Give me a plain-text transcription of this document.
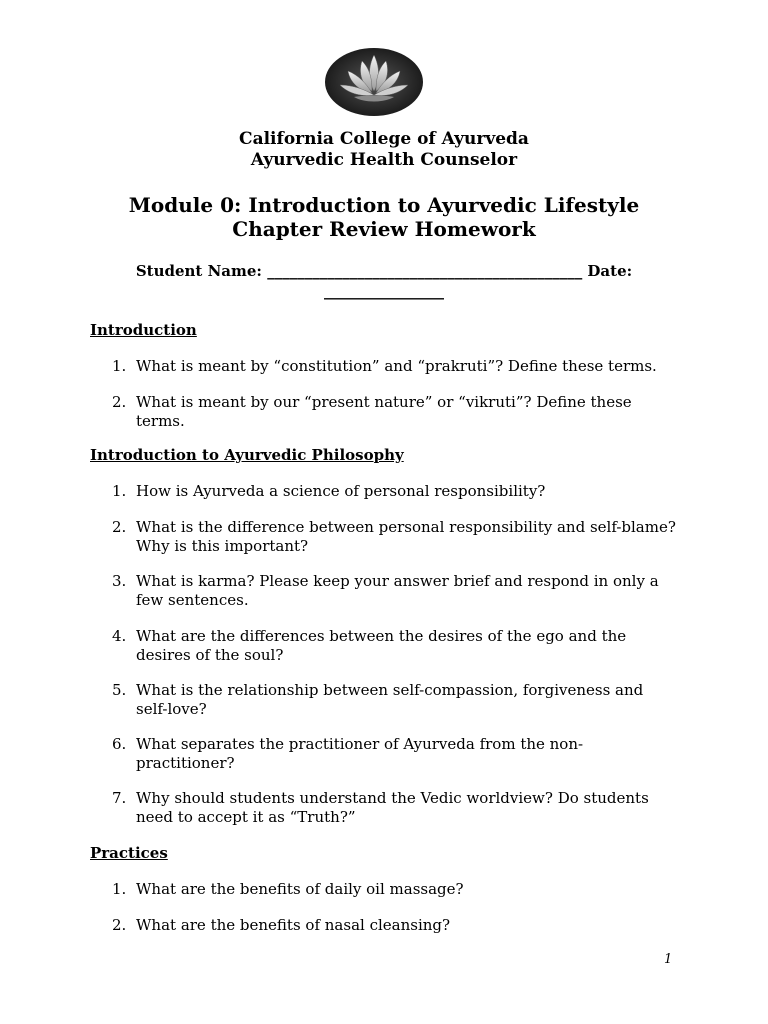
California College of Ayurveda
Ayurvedic Health Counselor
Module 0: Introduction to Ayurvedic Lifestyle
Chapter Review Homework
Student Name: __________________________________________ Date: ________________
Introduction
1. What is meant by “constitution” and “prakruti”? Define these terms.
2. What is meant by our “present nature” or “vikruti”? Define these terms.
Introduction to Ayurvedic Philosophy
1. How is Ayurveda a science of personal responsibility?
2. What is the difference between personal responsibility and self-blame? Why is this important?
3. What is karma? Please keep your answer brief and respond in only a few sentences.
4. What are the differences between the desires of the ego and the desires of the soul?
5. What is the relationship between self-compassion, forgiveness and self-love?
6. What separates the practitioner of Ayurveda from the non-practitioner?
7. Why should students understand the Vedic worldview? Do students need to accept it as “Truth?”
Practices
1. What are the benefits of daily oil massage?
2. What are the benefits of nasal cleansing?
1
